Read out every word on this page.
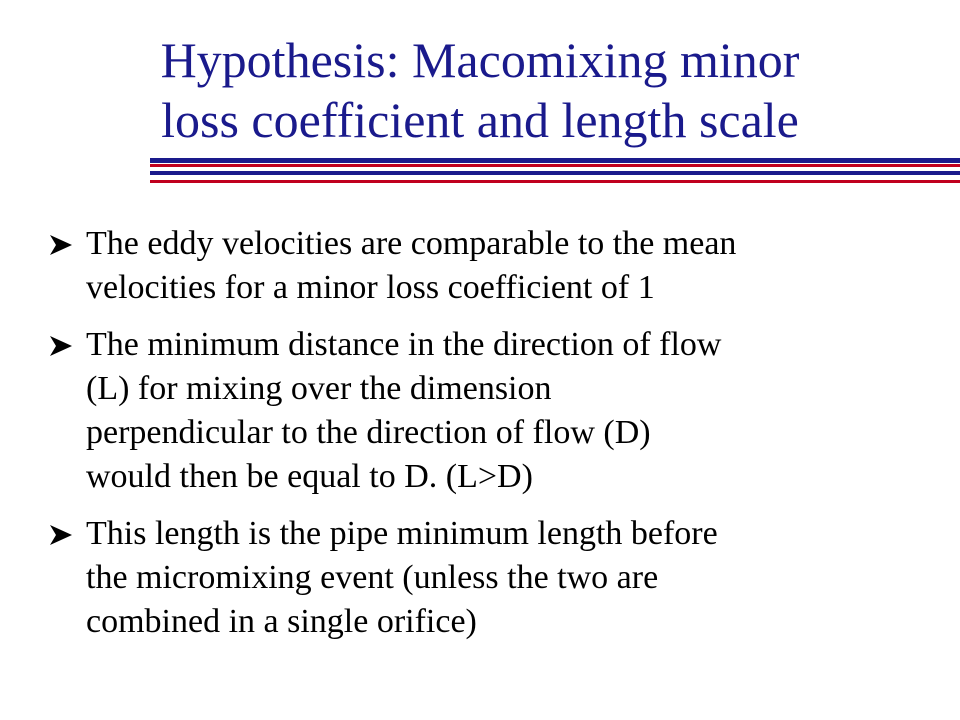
Hypothesis: Macomixing minor
loss coefficient and length scale
The eddy velocities are comparable to the mean
velocities for a minor loss coefficient of 1
The minimum distance in the direction of flow
(L) for mixing over the dimension
perpendicular to the direction of flow (D)
would then be equal to D. (L>D)
This length is the pipe minimum length before
the micromixing event (unless the two are
combined in a single orifice)
